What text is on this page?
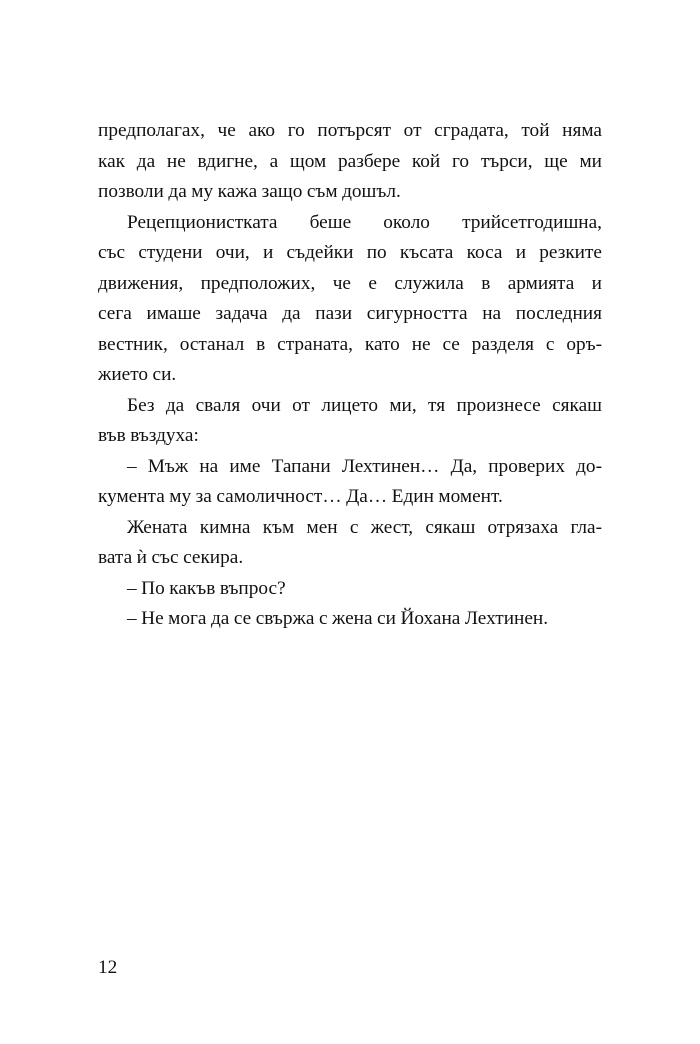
предполагах, че ако го потърсят от сградата, той няма
как да не вдигне, а щом разбере кой го търси, ще ми
позволи да му кажа защо съм дошъл.
Рецепционистката беше около трийсетгодишна,
със студени очи, и съдейки по късата коса и резките
движения, предположих, че е служила в армията и
сега имаше задача да пази сигурността на последния
вестник, останал в страната, като не се разделя с оръ-
жието си.
Без да сваля очи от лицето ми, тя произнесе сякаш
във въздуха:
– Мъж на име Тапани Лехтинен… Да, проверих до-
кумента му за самоличност… Да… Един момент.
Жената кимна към мен с жест, сякаш отрязаха гла-
вата ѝ със секира.
– По какъв въпрос?
– Не мога да се свържа с жена си Йохана Лехтинен.
12
